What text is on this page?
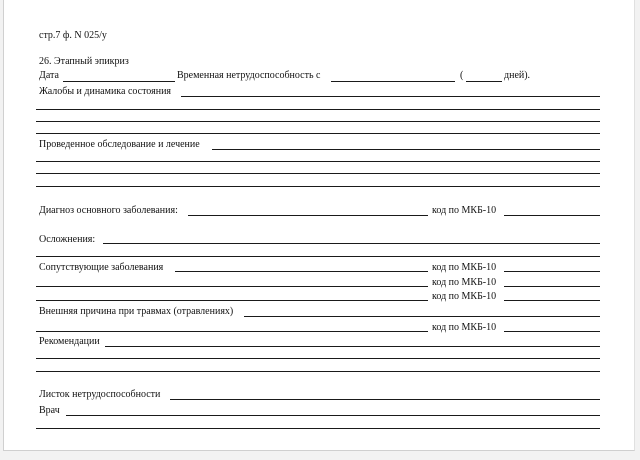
стр.7 ф. N 025/у
26. Этапный эпикриз
Дата	Временная нетрудоспособность с	(	дней).
Жалобы и динамика состояния
Проведенное обследование и лечение
Диагноз основного заболевания:	код по МКБ-10
Осложнения:
Сопутствующие заболевания	код по МКБ-10
код по МКБ-10
код по МКБ-10
Внешняя причина при травмах (отравлениях)
код по МКБ-10
Рекомендации
Листок нетрудоспособности
Врач
